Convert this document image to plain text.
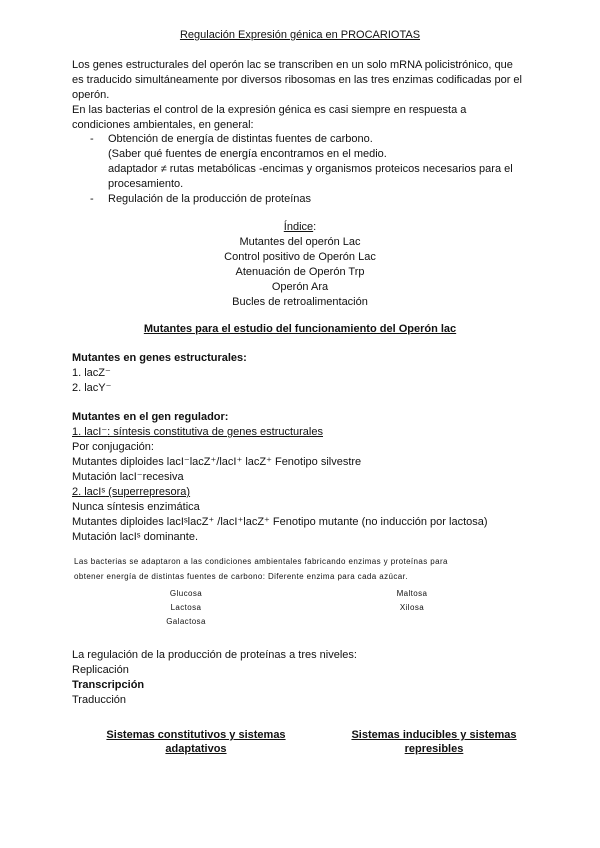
Regulación Expresión génica en PROCARIOTAS
Los genes estructurales del operón lac se transcriben en un solo mRNA policistrónico, que
es traducido simultáneamente por diversos ribosomas en las tres enzimas codificadas por el
operón.
En las bacterias el control de la expresión génica es casi siempre en respuesta a
condiciones ambientales, en general:
- Obtención de energía de distintas fuentes de carbono.
(Saber qué fuentes de energía encontramos en el medio.
adaptador ≠ rutas metabólicas -encimas y organismos proteicos necesarios para el
procesamiento.
- Regulación de la producción de proteínas
Índice:
Mutantes del operón Lac
Control positivo de Operón Lac
Atenuación de Operón Trp
Operón Ara
Bucles de retroalimentación
Mutantes para el estudio del funcionamiento del Operón lac
Mutantes en genes estructurales:
1. lacZ⁻
2. lacY⁻
Mutantes en el gen regulador:
1. lacI⁻: síntesis constitutiva de genes estructurales
Por conjugación:
Mutantes diploides lacI⁻lacZ⁺/lacI⁺ lacZ⁺ Fenotipo silvestre
Mutación lacI⁻recesiva
2. lacIˢ (superrepresora)
Nunca síntesis enzimática
Mutantes diploides lacIˢlacZ⁺ /lacI⁺lacZ⁺ Fenotipo mutante (no inducción por lactosa)
Mutación lacIˢ dominante.
Las bacterias se adaptaron a las condiciones ambientales fabricando enzimas y proteínas para
obtener energía de distintas fuentes de carbono: Diferente enzima para cada azúcar.
Glucosa
Lactosa
Galactosa
Maltosa
Xilosa
La regulación de la producción de proteínas a tres niveles:
Replicación
Transcripción
Traducción
Sistemas constitutivos y sistemas
adaptativos
Sistemas inducibles y sistemas
represibles
